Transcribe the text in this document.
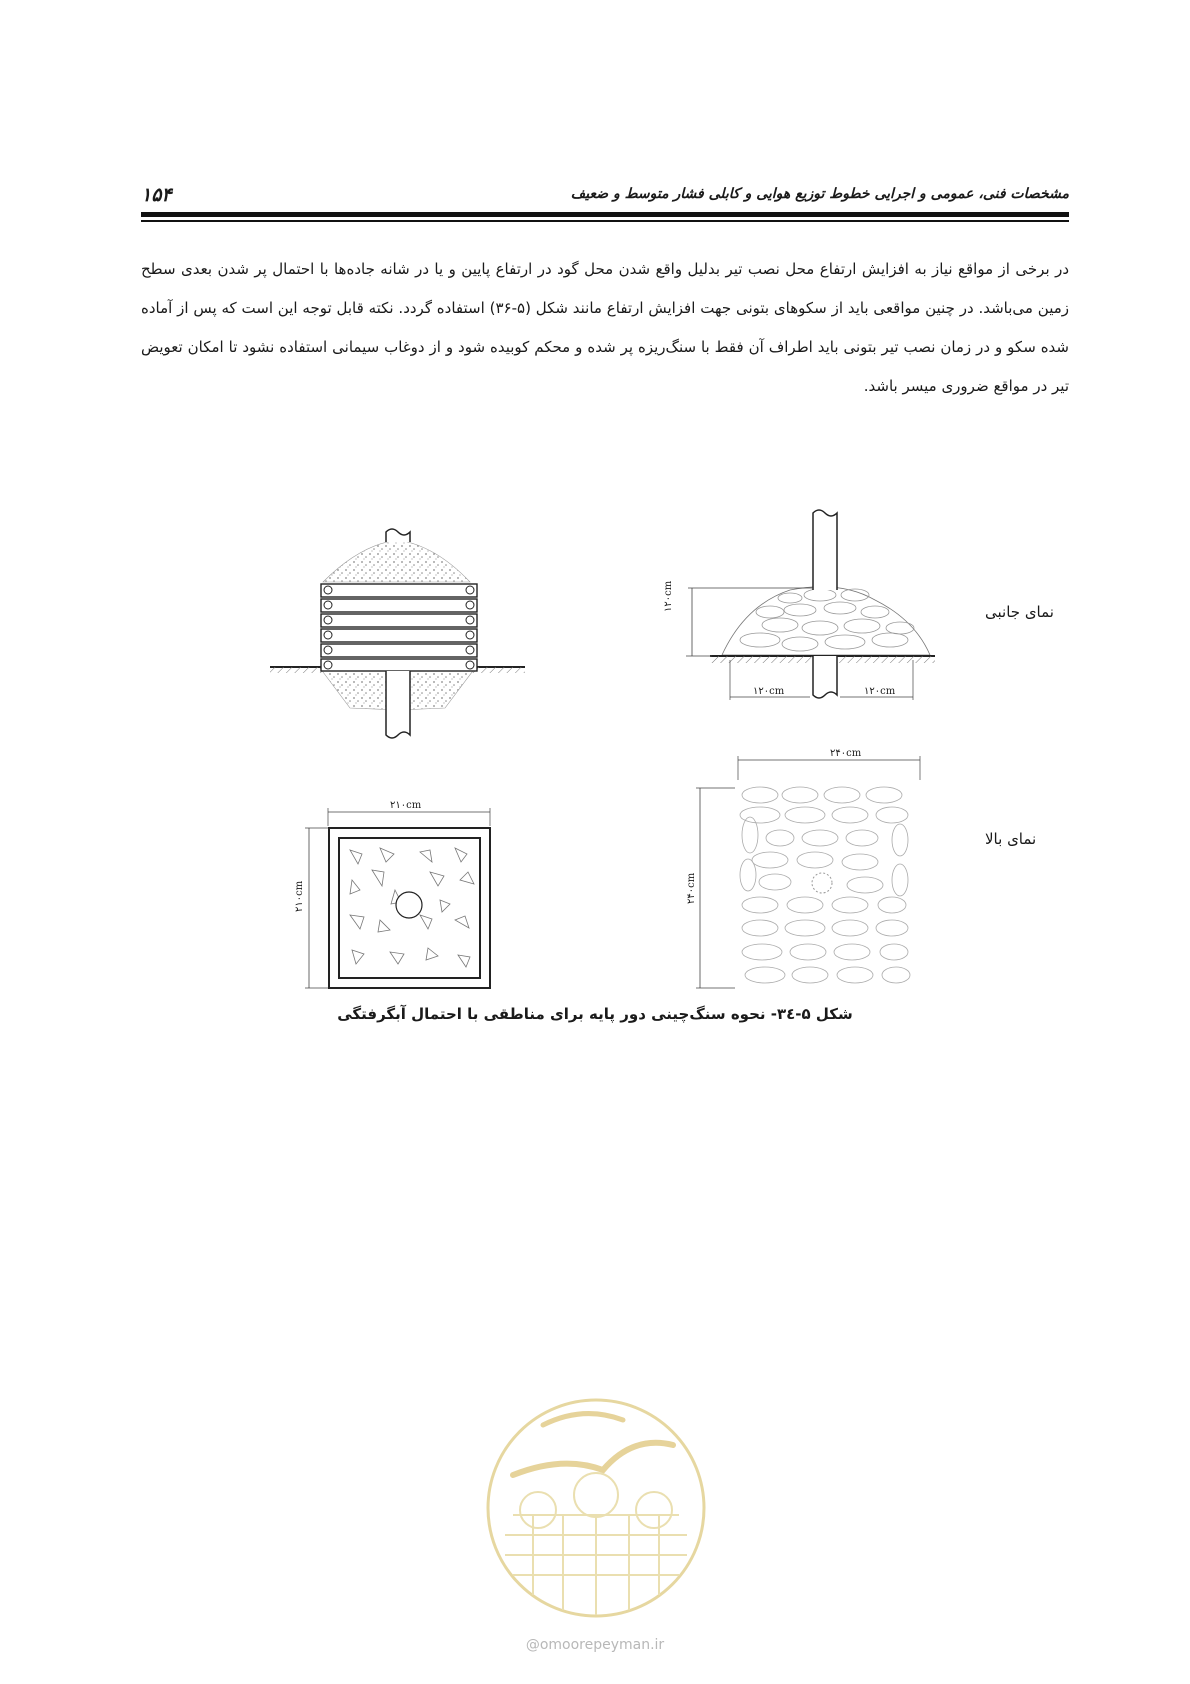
۱۵۴	مشخصات فنی، عمومی و اجرایی خطوط توزیع هوایی و کابلی فشار متوسط و ضعیف
در برخی از مواقع نیاز به افزایش ارتفاع محل نصب تیر بدلیل واقع شدن محل گود در ارتفاع پایین و یا در شانه جاده‌ها با احتمال پر شدن بعدی سطح زمین می‌باشد. در چنین مواقعی باید از سکوهای بتونی جهت افزایش ارتفاع مانند شکل (۵-۳۶) استفاده گردد. نکته قابل توجه این است که پس از آماده شده سکو و در زمان نصب تیر بتونی باید اطراف آن فقط با سنگ‌ریزه پر شده و محکم کوبیده شود و از دوغاب سیمانی استفاده نشود تا امکان تعویض تیر در مواقع ضروری میسر باشد.
۱۲۰cm
۱۲۰cm	۱۲۰cm
۲۴۰cm
۲۴۰cm
۲۱۰cm
۲۱۰cm
نمای جانبی
نمای بالا
شکل ۵-۳٤- نحوه سنگ‌چینی دور پایه برای مناطقی با احتمال آبگرفتگی
@omoorepeyman.ir
